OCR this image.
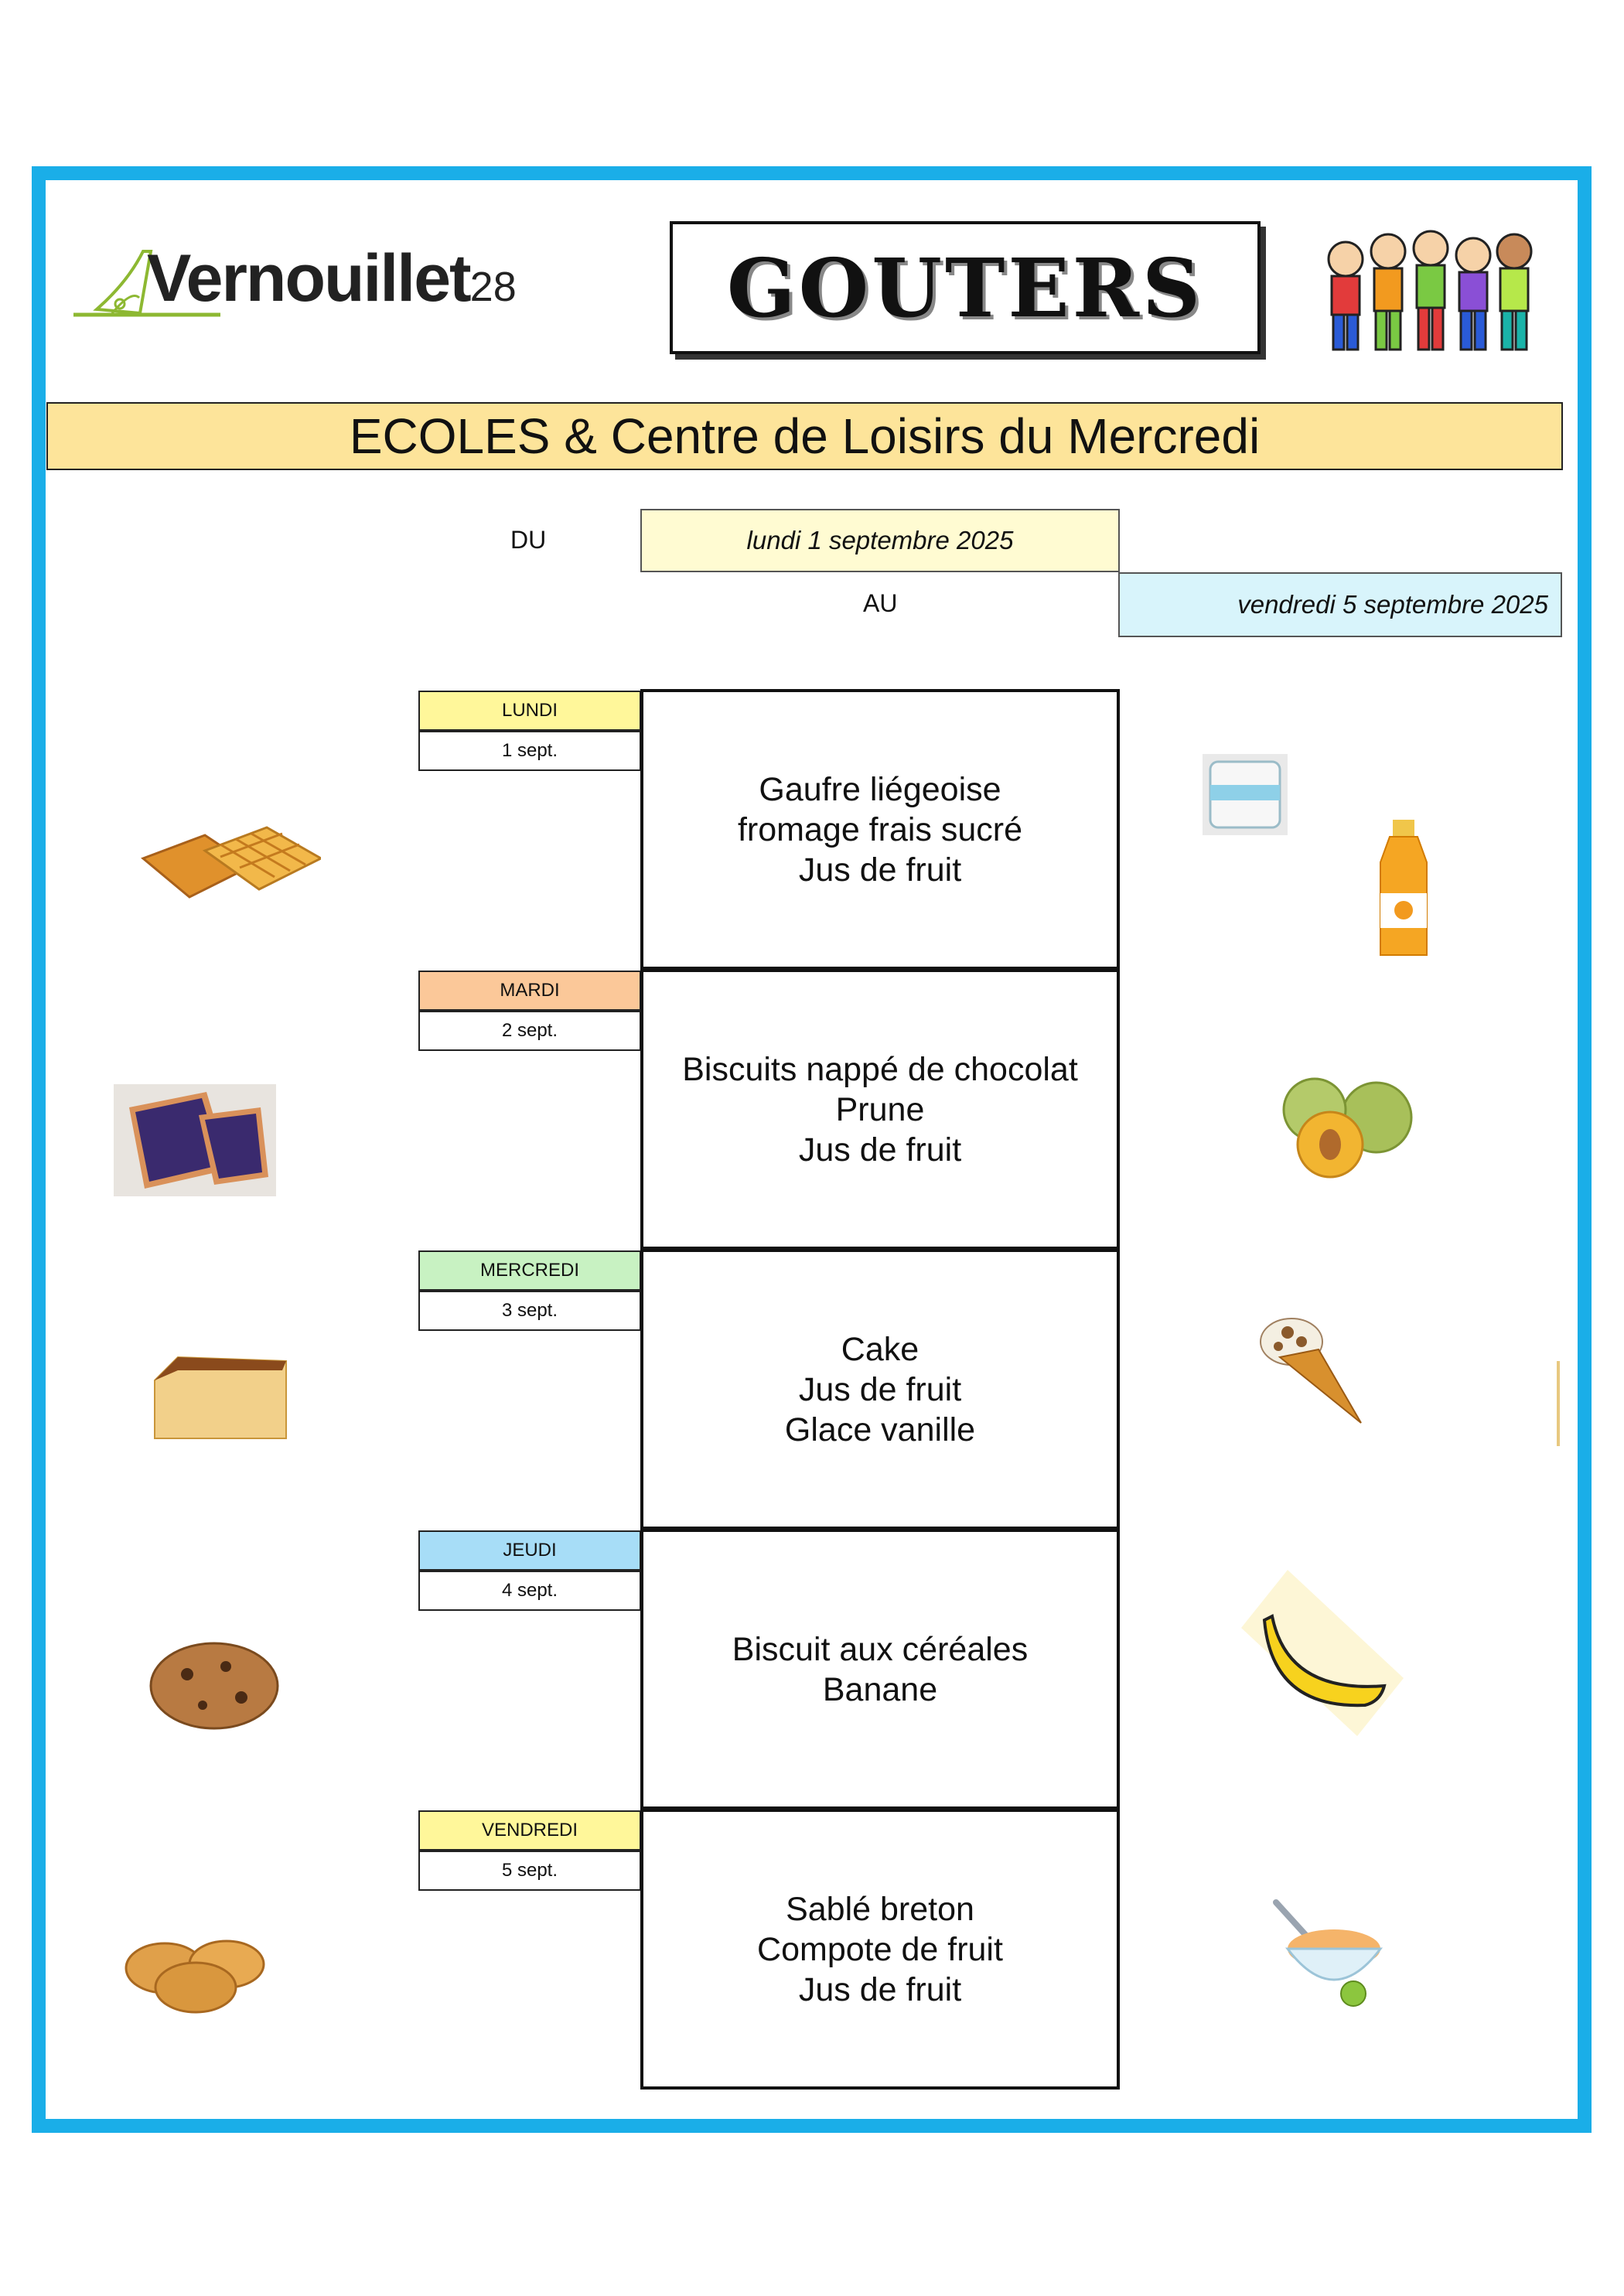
Vernouillet28	GOUTERS
ECOLES & Centre de Loisirs du Mercredi
DU	lundi 1 septembre 2025
AU	vendredi 5 septembre 2025
LUNDI
1 sept.
Gaufre liégeoise
fromage frais sucré
Jus de fruit
MARDI
2 sept.
Biscuits nappé de chocolat
Prune
Jus de fruit
MERCREDI
3 sept.
Cake
Jus de fruit
Glace vanille
JEUDI
4 sept.
Biscuit aux céréales
Banane
VENDREDI
5 sept.
Sablé breton
Compote de fruit
Jus de fruit
